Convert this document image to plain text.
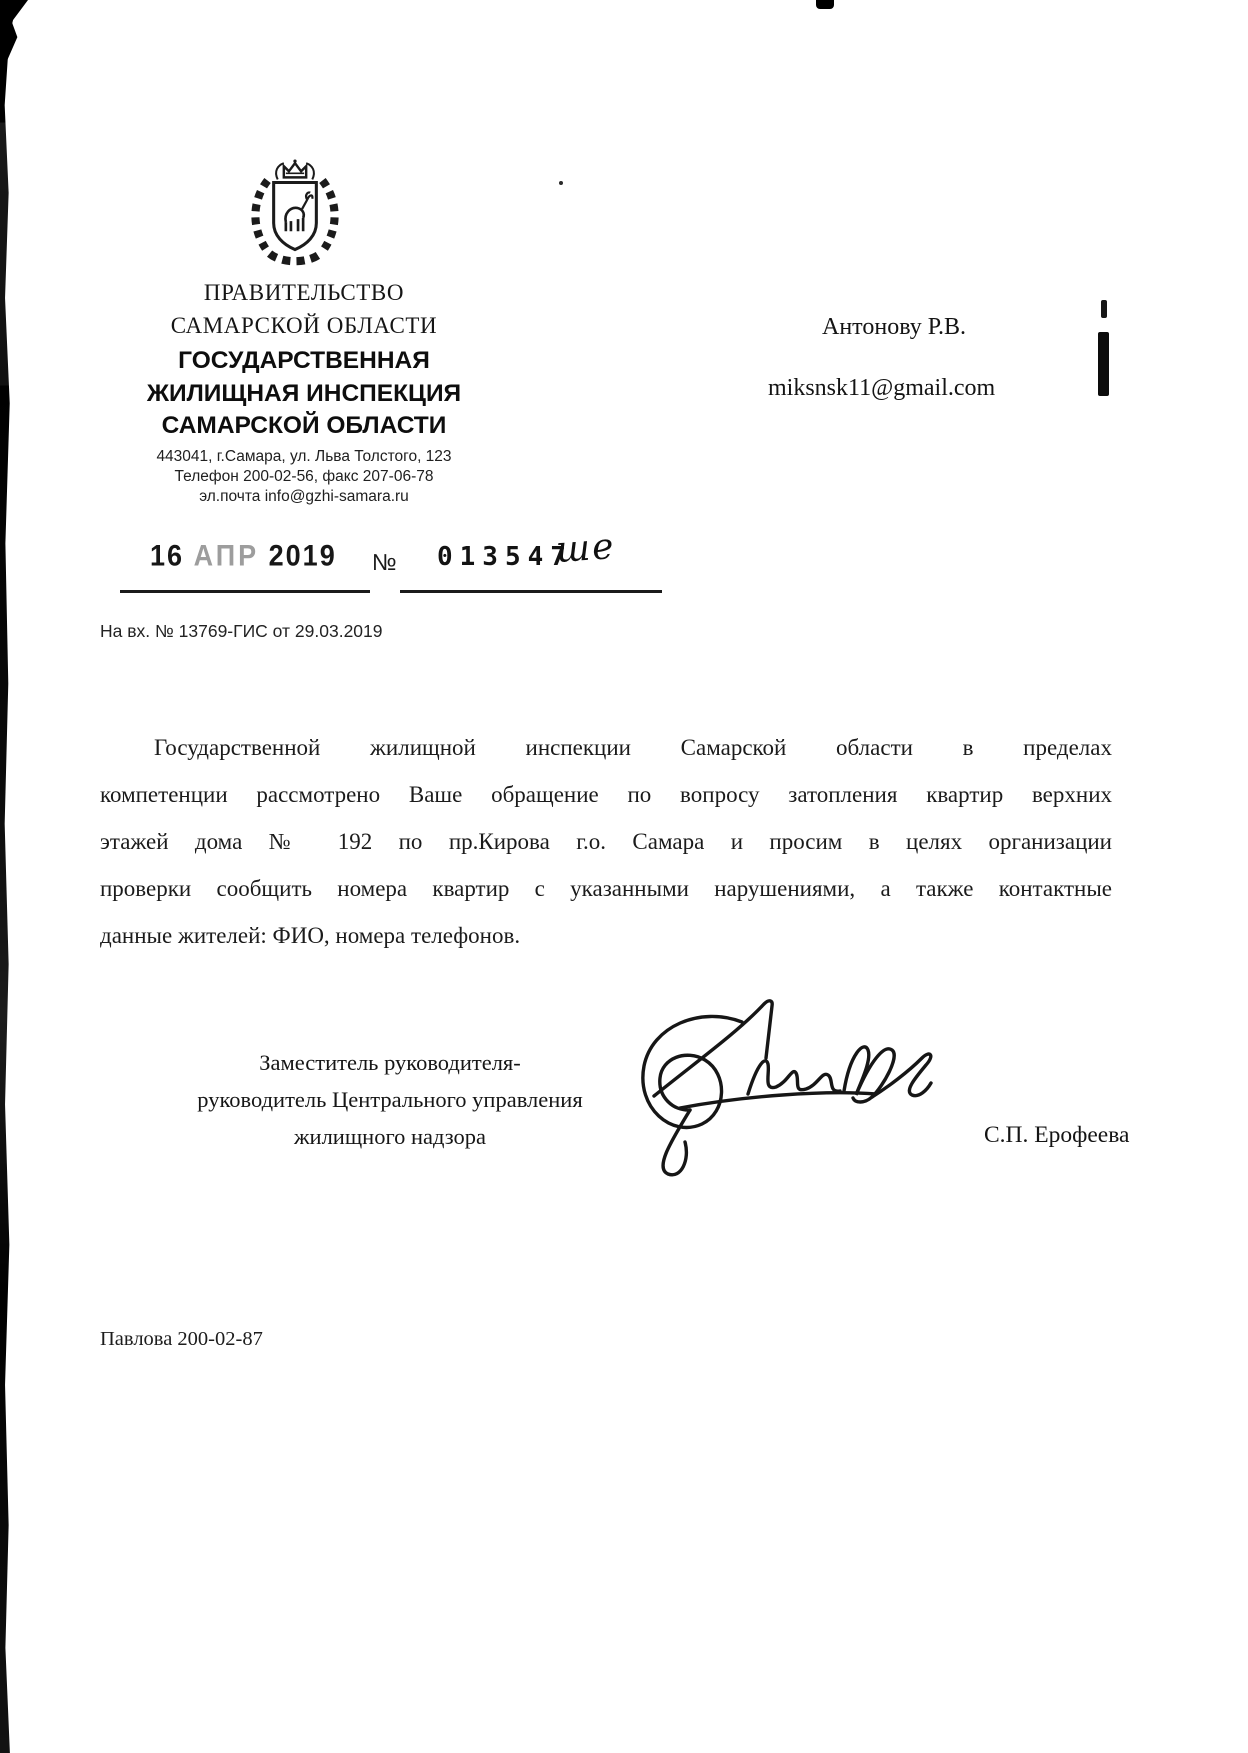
ПРАВИТЕЛЬСТВО
САМАРСКОЙ ОБЛАСТИ
ГОСУДАРСТВЕННАЯ
ЖИЛИЩНАЯ ИНСПЕКЦИЯ
САМАРСКОЙ ОБЛАСТИ
443041, г.Самара, ул. Льва Толстого, 123
Телефон 200-02-56, факс 207-06-78
эл.почта info@gzhi-samara.ru
16 АПР 2019 № 013547
ше
На вх. № 13769-ГИС от 29.03.2019
Антонову Р.В.
miksnsk11@gmail.com
Государственной жилищной инспекции Самарской области в пределах
компетенции рассмотрено Ваше обращение по вопросу затопления квартир верхних
этажей дома № 192 по пр.Кирова г.о. Самара и просим в целях организации
проверки сообщить номера квартир с указанными нарушениями, а также контактные
данные жителей: ФИО, номера телефонов.
Заместитель руководителя-
руководитель Центрального управления
жилищного надзора	С.П. Ерофеева
Павлова 200-02-87
